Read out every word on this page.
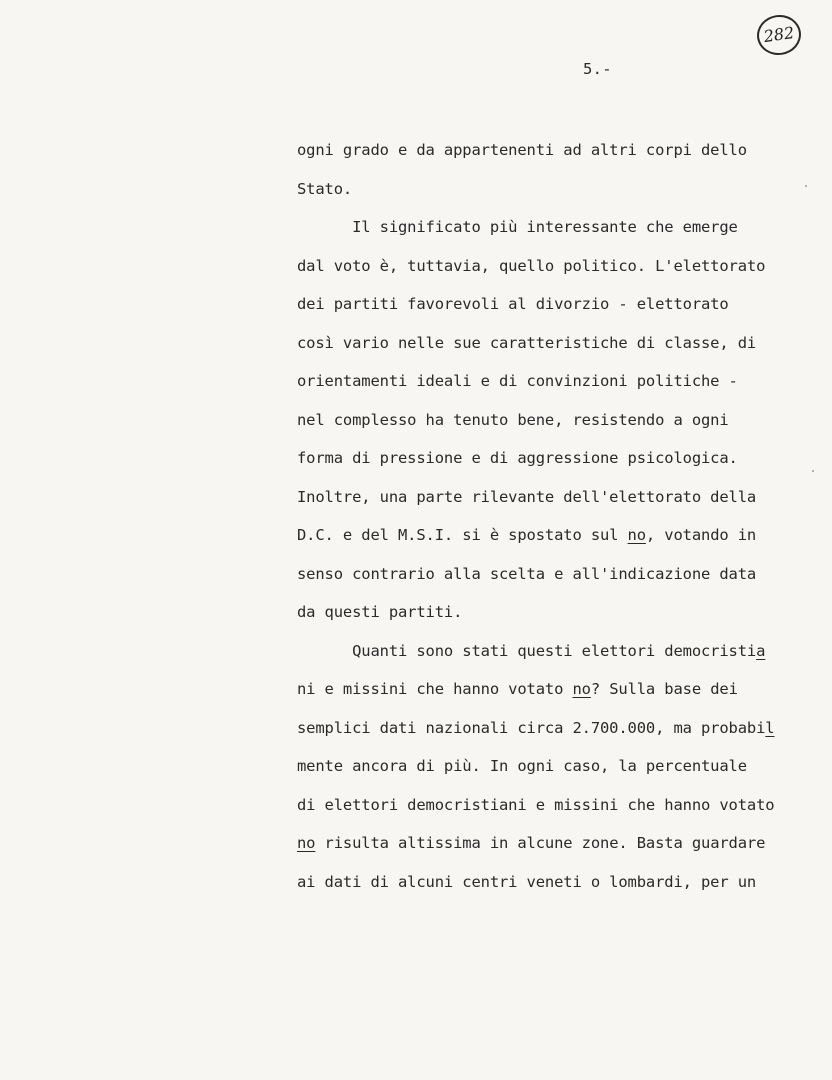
282
5.-
ogni grado e da appartenenti ad altri corpi dello
Stato.
Il significato più interessante che emerge
dal voto è, tuttavia, quello politico. L'elettorato
dei partiti favorevoli al divorzio - elettorato
così vario nelle sue caratteristiche di classe, di
orientamenti ideali e di convinzioni politiche -
nel complesso ha tenuto bene, resistendo a ogni
forma di pressione e di aggressione psicologica.
Inoltre, una parte rilevante dell'elettorato della
D.C. e del M.S.I. si è spostato sul no, votando in
senso contrario alla scelta e all'indicazione data
da questi partiti.
Quanti sono stati questi elettori democristia
ni e missini che hanno votato no? Sulla base dei
semplici dati nazionali circa 2.700.000, ma probabil
mente ancora di più. In ogni caso, la percentuale
di elettori democristiani e missini che hanno votato
no risulta altissima in alcune zone. Basta guardare
ai dati di alcuni centri veneti o lombardi, per un
